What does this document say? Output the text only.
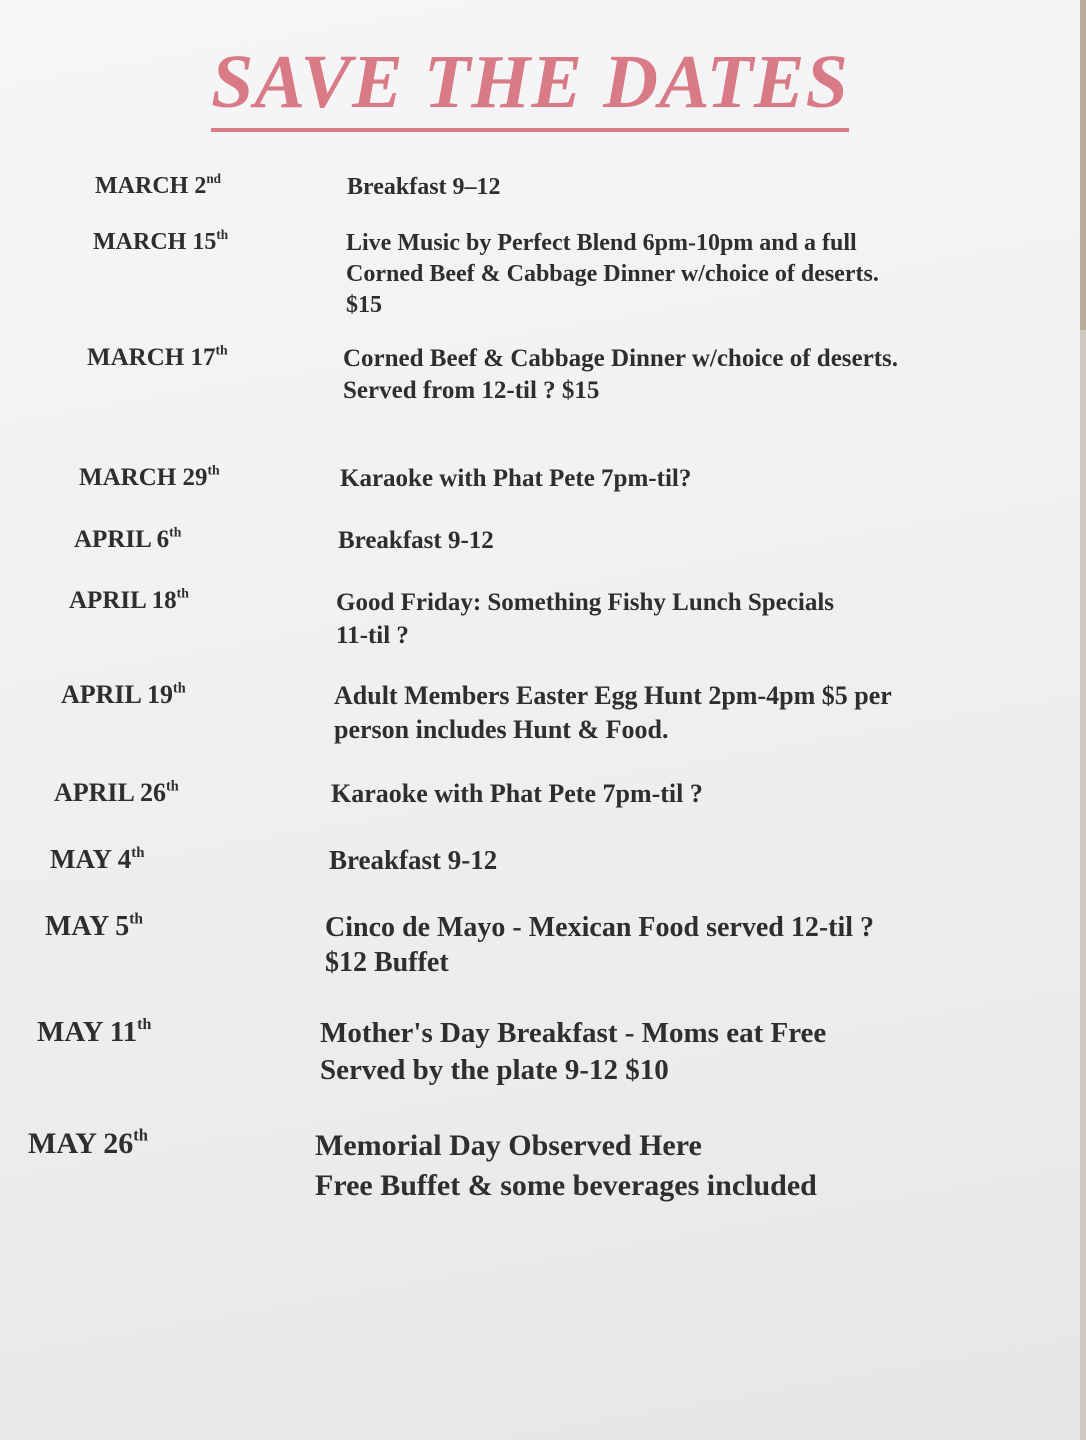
SAVE THE DATES
MARCH 2nd	Breakfast 9–12
MARCH 15th	Live Music by Perfect Blend 6pm-10pm and a full
Corned Beef & Cabbage Dinner w/choice of deserts.
$15
MARCH 17th	Corned Beef & Cabbage Dinner w/choice of deserts.
Served from 12-til ? $15
MARCH 29th	Karaoke with Phat Pete 7pm-til?
APRIL 6th	Breakfast 9-12
APRIL 18th	Good Friday: Something Fishy Lunch Specials
11-til ?
APRIL 19th	Adult Members Easter Egg Hunt 2pm-4pm $5 per
person includes Hunt & Food.
APRIL 26th	Karaoke with Phat Pete 7pm-til ?
MAY 4th	Breakfast 9-12
MAY 5th	Cinco de Mayo - Mexican Food served 12-til ?
$12 Buffet
MAY 11th	Mother's Day Breakfast - Moms eat Free
Served by the plate 9-12 $10
MAY 26th	Memorial Day Observed Here
Free Buffet & some beverages included
